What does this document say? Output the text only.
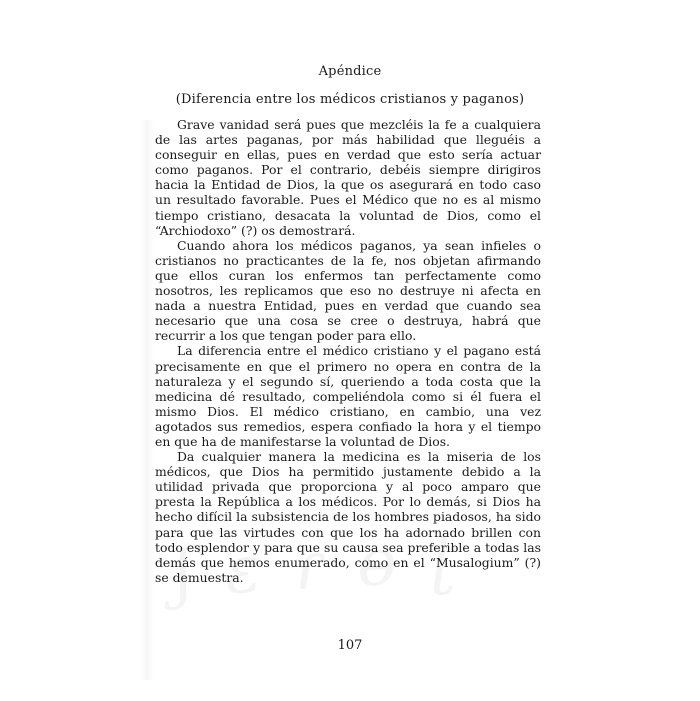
Apéndice
(Diferencia entre los médicos cristianos y paganos)

Grave vanidad será pues que mezcléis la fe a cualquiera de las artes paganas, por más habilidad que lleguéis a conseguir en ellas, pues en verdad que esto sería actuar como paganos. Por el contrario, debéis siempre dirigiros hacia la Entidad de Dios, la que os asegurará en todo caso un resultado favorable. Pues el Médico que no es al mismo tiempo cristiano, desacata la voluntad de Dios, como el “Archiodoxo” (?) os demostrará.

Cuando ahora los médicos paganos, ya sean infieles o cristianos no practicantes de la fe, nos objetan afirmando que ellos curan los enfermos tan perfectamente como nosotros, les replicamos que eso no destruye ni afecta en nada a nuestra Entidad, pues en verdad que cuando sea necesario que una cosa se cree o destruya, habrá que recurrir a los que tengan poder para ello.

La diferencia entre el médico cristiano y el pagano está precisamente en que el primero no opera en contra de la naturaleza y el segundo sí, queriendo a toda costa que la medicina dé resultado, compeliéndola como si él fuera el mismo Dios. El médico cristiano, en cambio, una vez agotados sus remedios, espera confiado la hora y el tiempo en que ha de manifestarse la voluntad de Dios.

Da cualquier manera la medicina es la miseria de los médicos, que Dios ha permitido justamente debido a la utilidad privada que proporciona y al poco amparo que presta la República a los médicos. Por lo demás, si Dios ha hecho difícil la subsistencia de los hombres piadosos, ha sido para que las virtudes con que los ha adornado brillen con todo esplendor y para que su causa sea preferible a todas las demás que hemos enumerado, como en el “Musalogium” (?) se demuestra.

107
